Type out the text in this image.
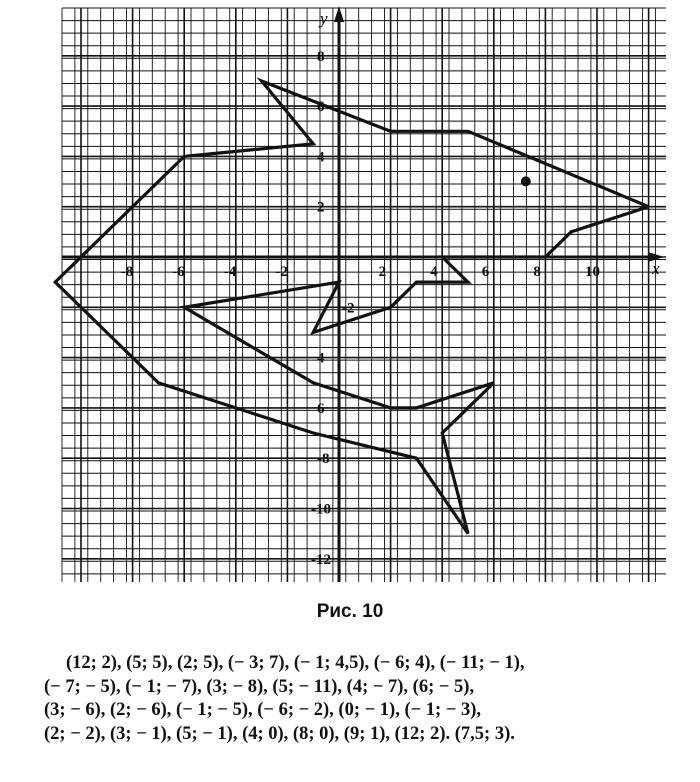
-8	-6	-4	-2	2	4	6	8	10
8
6
4
2
-2
4
6
-8
-10
-12
x
y
Рис. 10

(12; 2), (5; 5), (2; 5), (− 3; 7), (− 1; 4,5), (− 6; 4), (− 11; − 1),

(− 7; − 5), (− 1; − 7), (3; − 8), (5; − 11), (4; − 7), (6; − 5),

(3; − 6), (2; − 6), (− 1; − 5), (− 6; − 2), (0; − 1), (− 1; − 3),

(2; − 2), (3; − 1), (5; − 1), (4; 0), (8; 0), (9; 1), (12; 2). (7,5; 3).
